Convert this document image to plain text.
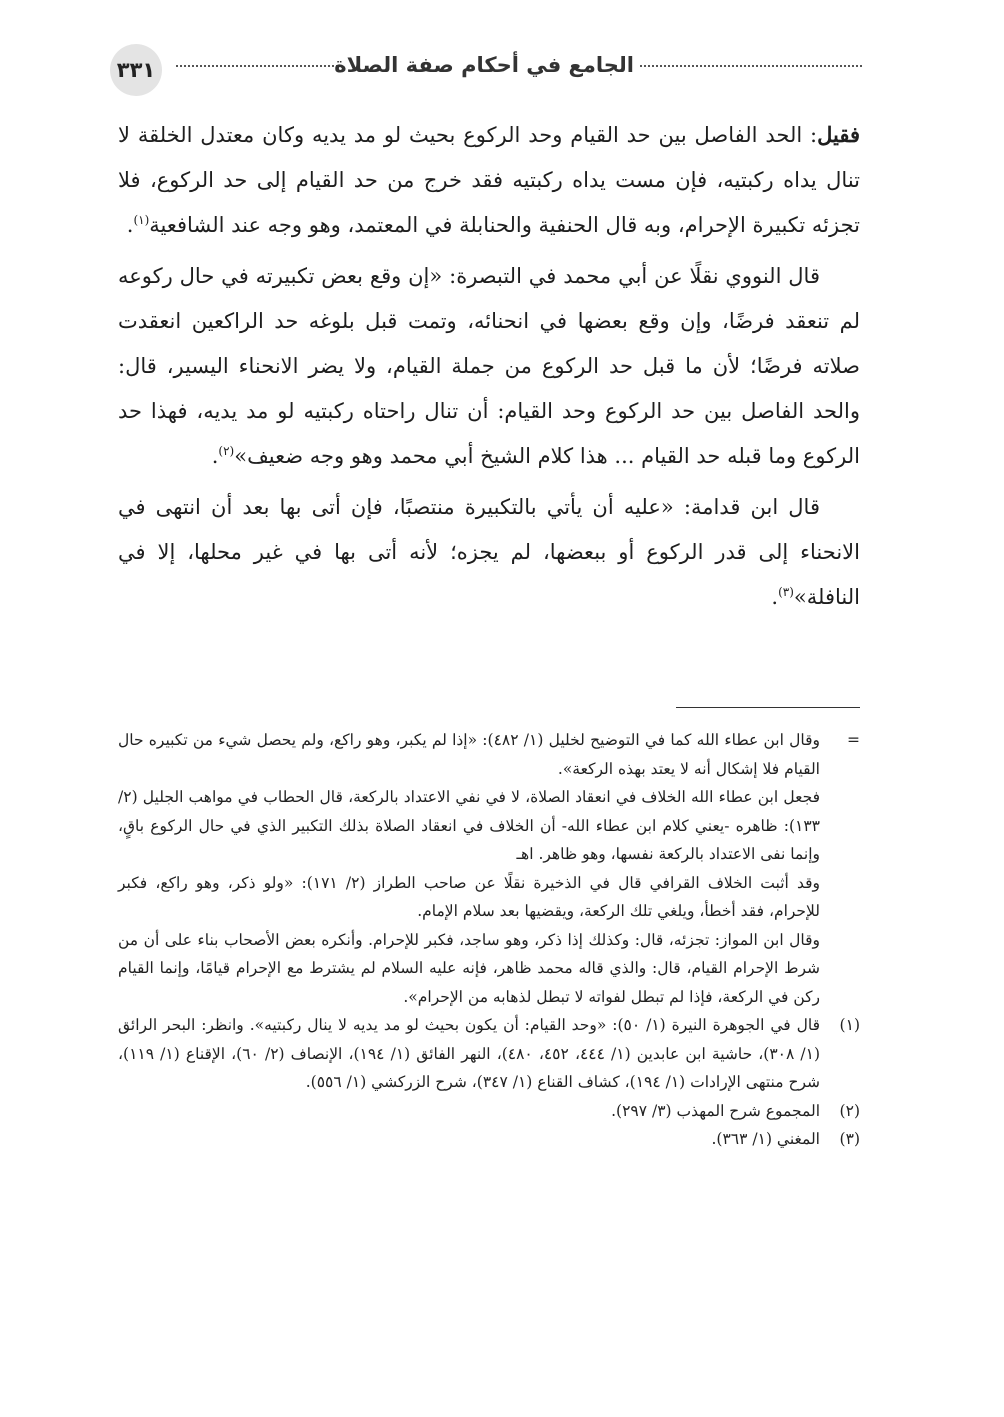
٣٣١	الجامع في أحكام صفة الصلاة

فقيل: الحد الفاصل بين حد القيام وحد الركوع بحيث لو مد يديه وكان معتدل الخلقة لا تنال يداه ركبتيه، فإن مست يداه ركبتيه فقد خرج من حد القيام إلى حد الركوع، فلا تجزئه تكبيرة الإحرام، وبه قال الحنفية والحنابلة في المعتمد، وهو وجه عند الشافعية$^{(١)}$.

قال النووي نقلًا عن أبي محمد في التبصرة: «إن وقع بعض تكبيرته في حال ركوعه لم تنعقد فرضًا، وإن وقع بعضها في انحنائه، وتمت قبل بلوغه حد الراكعين انعقدت صلاته فرضًا؛ لأن ما قبل حد الركوع من جملة القيام، ولا يضر الانحناء اليسير، قال: والحد الفاصل بين حد الركوع وحد القيام: أن تنال راحتاه ركبتيه لو مد يديه، فهذا حد الركوع وما قبله حد القيام ... هذا كلام الشيخ أبي محمد وهو وجه ضعيف»$^{(٢)}$.

قال ابن قدامة: «عليه أن يأتي بالتكبيرة منتصبًا، فإن أتى بها بعد أن انتهى في الانحناء إلى قدر الركوع أو ببعضها، لم يجزه؛ لأنه أتى بها في غير محلها، إلا في النافلة»$^{(٣)}$.

=

وقال ابن عطاء الله كما في التوضيح لخليل (١/ ٤٨٢): «إذا لم يكبر، وهو راكع، ولم يحصل شيء من تكبيره حال القيام فلا إشكال أنه لا يعتد بهذه الركعة».

فجعل ابن عطاء الله الخلاف في انعقاد الصلاة، لا في نفي الاعتداد بالركعة، قال الحطاب في مواهب الجليل (٢/ ١٣٣): ظاهره -يعني كلام ابن عطاء الله- أن الخلاف في انعقاد الصلاة بذلك التكبير الذي في حال الركوع باقٍ، وإنما نفى الاعتداد بالركعة نفسها، وهو ظاهر. اهـ

وقد أثبت الخلاف القرافي قال في الذخيرة نقلًا عن صاحب الطراز (٢/ ١٧١): «ولو ذكر، وهو راكع، فكبر للإحرام، فقد أخطأ، ويلغي تلك الركعة، ويقضيها بعد سلام الإمام.

وقال ابن المواز: تجزئه، قال: وكذلك إذا ذكر، وهو ساجد، فكبر للإحرام. وأنكره بعض الأصحاب بناء على أن من شرط الإحرام القيام، قال: والذي قاله محمد ظاهر، فإنه عليه السلام لم يشترط مع الإحرام قيامًا، وإنما القيام ركن في الركعة، فإذا لم تبطل لفواته لا تبطل لذهابه من الإحرام».

(١)
قال في الجوهرة النيرة (١/ ٥٠): «وحد القيام: أن يكون بحيث لو مد يديه لا ينال ركبتيه». وانظر: البحر الرائق (١/ ٣٠٨)، حاشية ابن عابدين (١/ ٤٤٤، ٤٥٢، ٤٨٠)، النهر الفائق (١/ ١٩٤)، الإنصاف (٢/ ٦٠)، الإقناع (١/ ١١٩)، شرح منتهى الإرادات (١/ ١٩٤)، كشاف القناع (١/ ٣٤٧)، شرح الزركشي (١/ ٥٥٦).
(٢)
المجموع شرح المهذب (٣/ ٢٩٧).
(٣)
المغني (١/ ٣٦٣).
